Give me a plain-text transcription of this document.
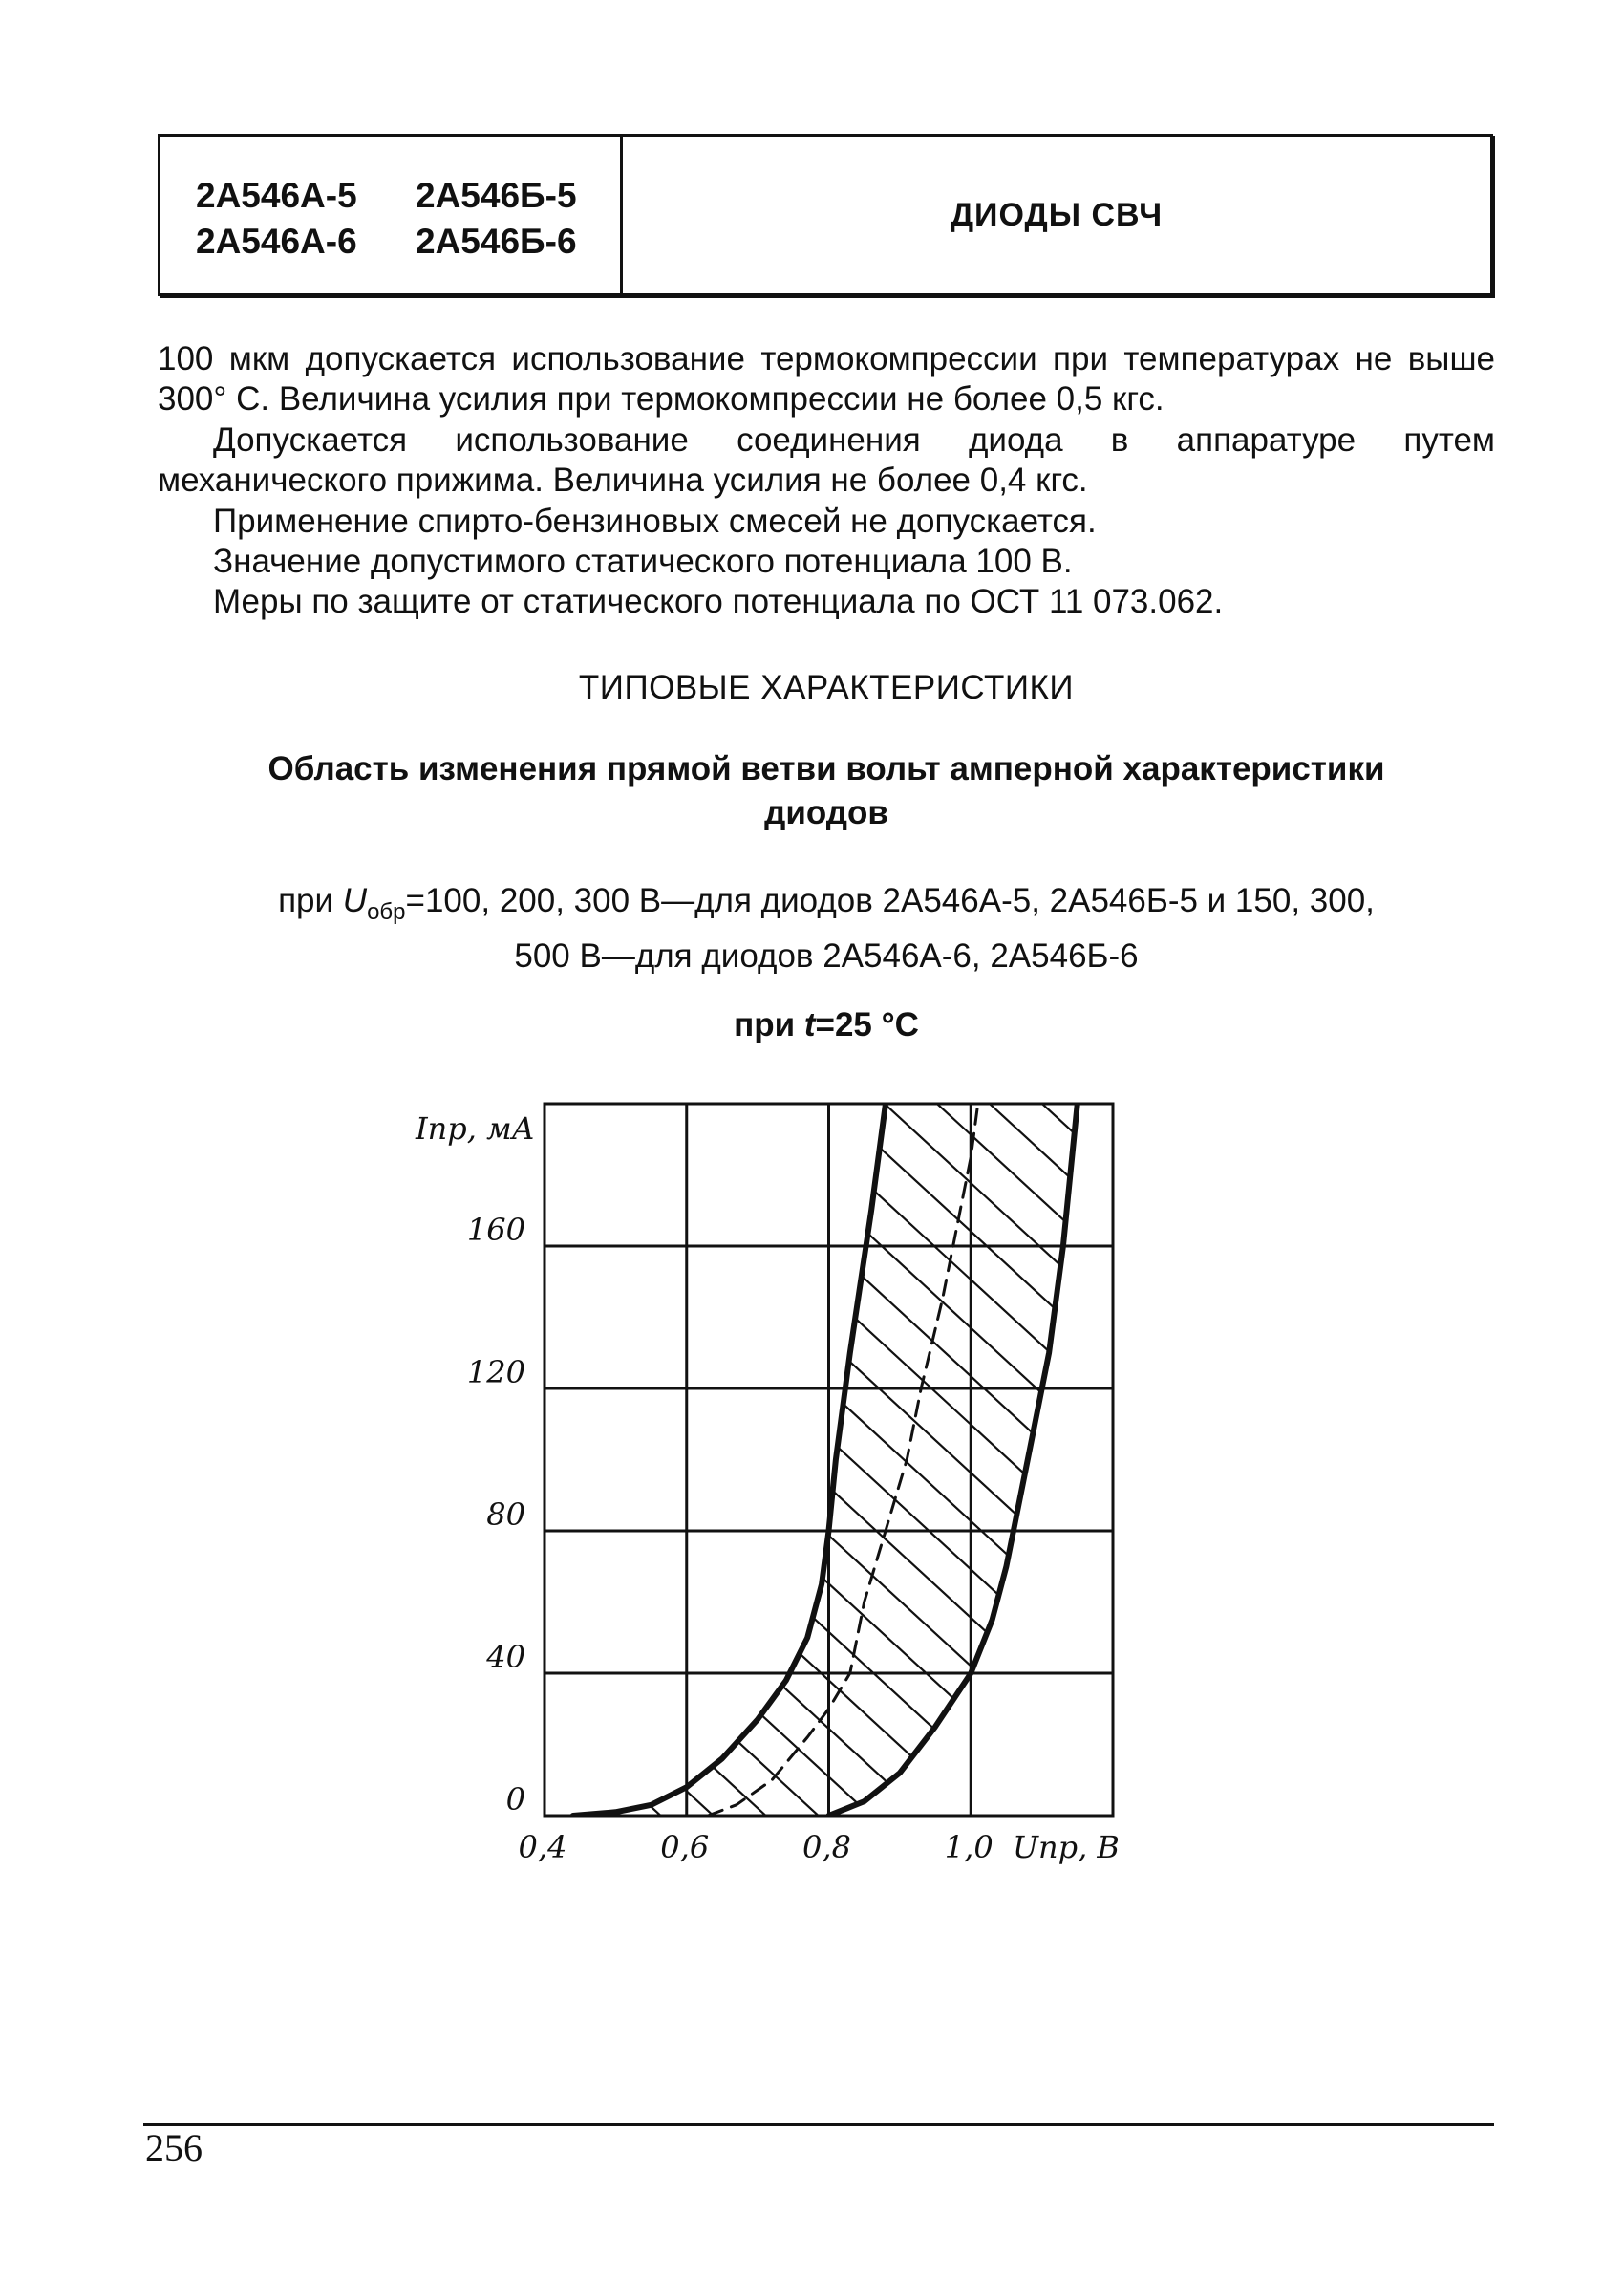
2А546А-5	2А546Б-5
2А546А-6	2А546Б-6
ДИОДЫ СВЧ
100 мкм допускается использование термокомпрессии при температурах не выше 300° С. Величина усилия при термокомпрессии не более 0,5 кгс.
Допускается использование соединения диода в аппаратуре путем механического прижима. Величина усилия не более 0,4 кгс.
Применение спирто-бензиновых смесей не допускается.
Значение допустимого статического потенциала 100 В.
Меры по защите от статического потенциала по ОСТ 11 073.062.
ТИПОВЫЕ ХАРАКТЕРИСТИКИ
Область изменения прямой ветви вольт амперной характеристики
диодов
при $U_{обр}=100$, 200, 300 В—для диодов 2А546А-5, 2А546Б-5 и 150, 300,
500 В—для диодов 2А546А-6, 2А546Б-6
при t=25 °С
0
40
80
120
160
0,4	0,6	0,8	1,0
Iпр, мА
Uпр, В
256
